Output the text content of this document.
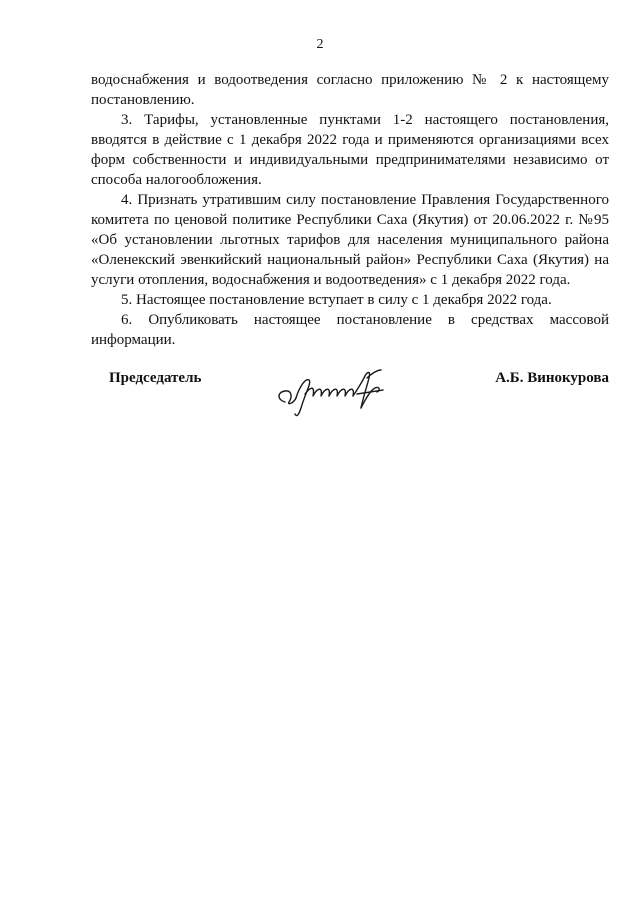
2

водоснабжения и водоотведения согласно приложению № 2 к настоящему постановлению.

3. Тарифы, установленные пунктами 1-2 настоящего постановления, вводятся в действие с 1 декабря 2022 года и применяются организациями всех форм собственности и индивидуальными предпринимателями независимо от способа налогообложения.

4. Признать утратившим силу постановление Правления Государственного комитета по ценовой политике Республики Саха (Якутия) от 20.06.2022 г. №95 «Об установлении льготных тарифов для населения муниципального района «Оленекский эвенкийский национальный район» Республики Саха (Якутия) на услуги отопления, водоснабжения и водоотведения» с 1 декабря 2022 года.

5. Настоящее постановление вступает в силу с 1 декабря 2022 года.

6. Опубликовать настоящее постановление в средствах массовой информации.

Председатель	А.Б. Винокурова
